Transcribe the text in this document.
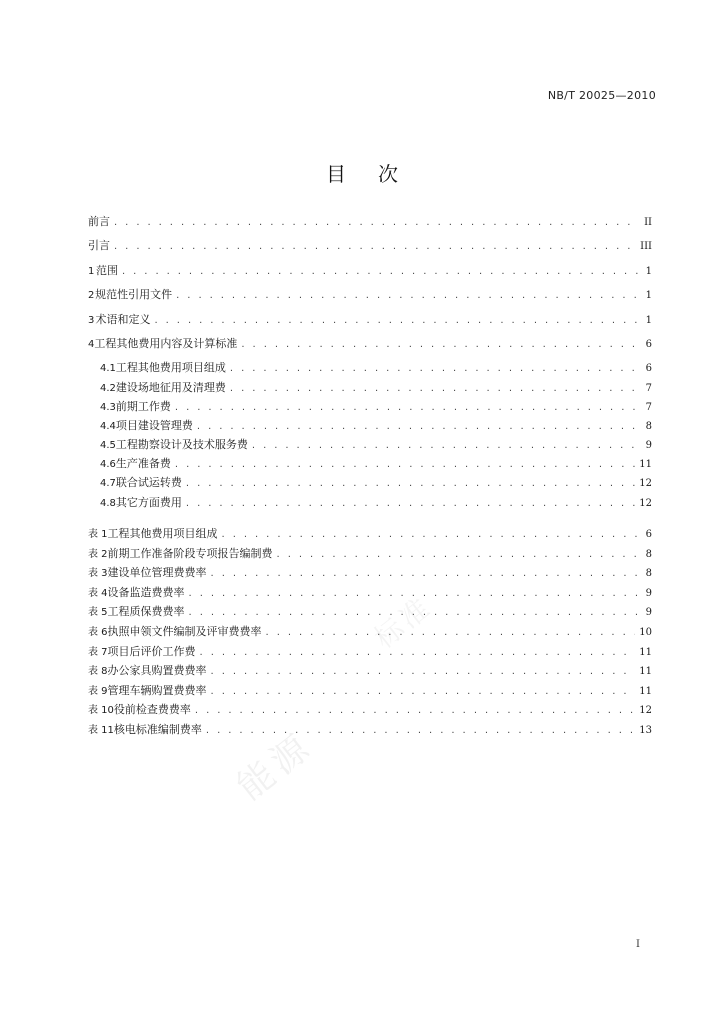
NB/T 20025—2010
目次
前言 . . .	II
引言 . . .	III
1 范围 . . .	1
2 规范性引用文件 . . .	1
3 术语和定义 . . .	1
4 工程其他费用内容及计算标准 . . .	6
4.1 工程其他费用项目组成 . . .	6
4.2 建设场地征用及清理费 . . .	7
4.3 前期工作费 . . .	7
4.4 项目建设管理费 . . .	8
4.5 工程勘察设计及技术服务费 . . .	9
4.6 生产准备费 . . .	11
4.7 联合试运转费 . . .	12
4.8 其它方面费用 . . .	12
表 1 工程其他费用项目组成 . . .	6
表 2 前期工作准备阶段专项报告编制费 . . .	8
表 3 建设单位管理费费率 . . .	8
表 4 设备监造费费率 . . .	9
表 5 工程质保费费率 . . .	9
表 6 执照申领文件编制及评审费费率 . . .	10
表 7 项目后评价工作费 . . .	11
表 8 办公家具购置费费率 . . .	11
表 9 管理车辆购置费费率 . . .	11
表 10 役前检查费费率 . . .	12
表 11 核电标准编制费率 . . .	13
能源
标准
I
